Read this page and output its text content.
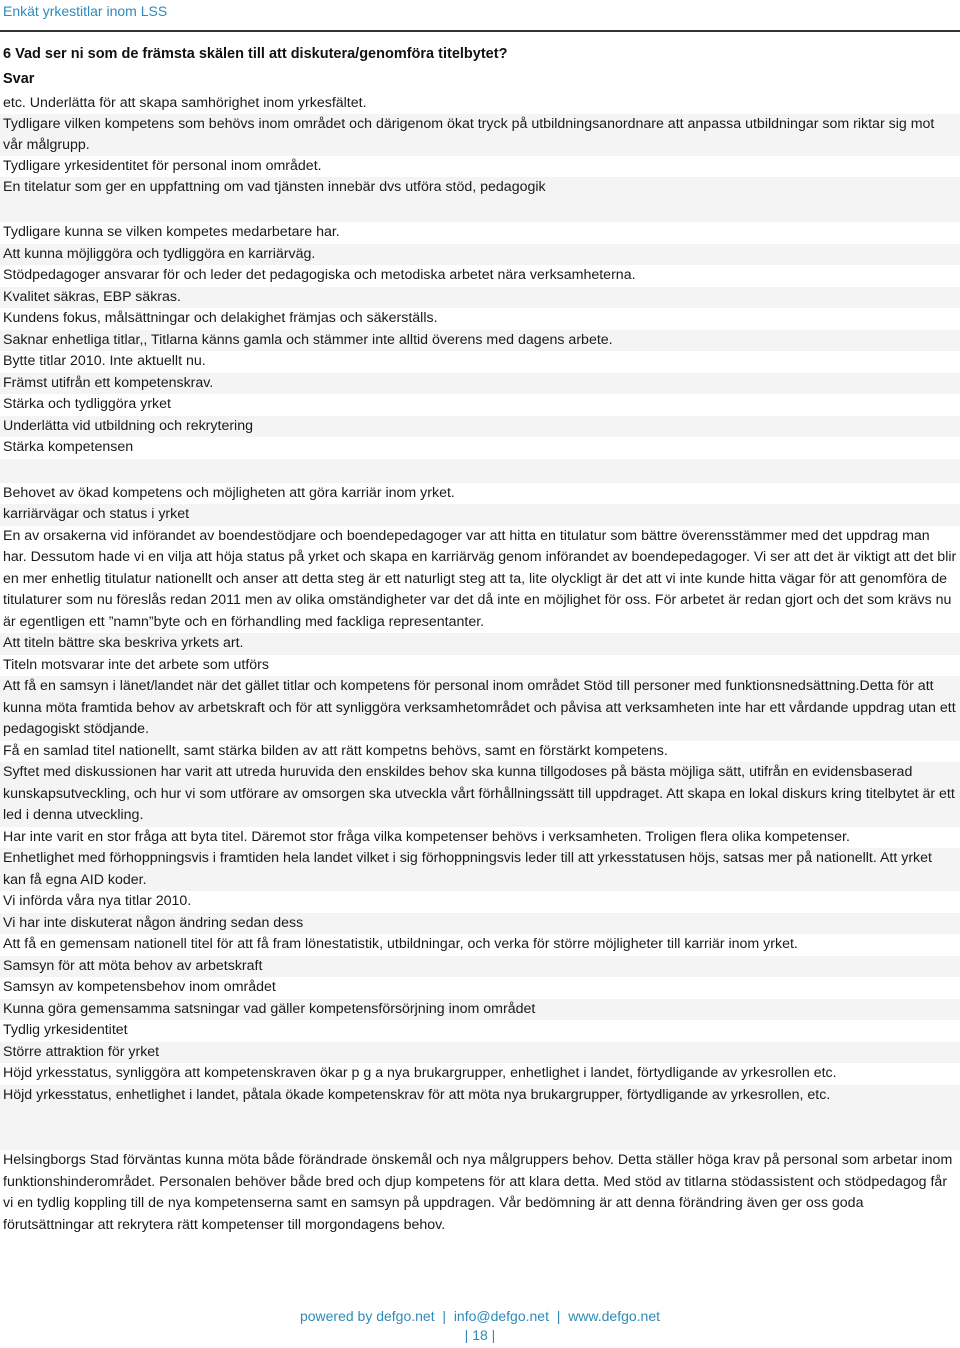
Enkät yrkestitlar inom LSS
6 Vad ser ni som de främsta skälen till att diskutera/genomföra titelbytet?
Svar
etc. Underlätta för att skapa samhörighet inom yrkesfältet.
Tydligare vilken kompetens som behövs inom området och därigenom ökat tryck på utbildningsanordnare att anpassa utbildningar som riktar sig mot vår målgrupp.
Tydligare yrkesidentitet för personal inom området.
En titelatur som ger en uppfattning om vad tjänsten innebär dvs utföra stöd, pedagogik
Tydligare kunna se vilken kompetes medarbetare har.
Att kunna möjliggöra och tydliggöra en karriärväg.
Stödpedagoger ansvarar för och leder det pedagogiska och metodiska arbetet nära verksamheterna.
Kvalitet säkras, EBP säkras.
Kundens fokus, målsättningar och delakighet främjas och säkerställs.
Saknar enhetliga titlar,, Titlarna känns gamla och stämmer inte alltid överens med dagens arbete.
Bytte titlar 2010. Inte aktuellt nu.
Främst utifrån ett kompetenskrav.
Stärka och tydliggöra yrket
Underlätta vid utbildning och rekrytering
Stärka kompetensen
Behovet av ökad kompetens och möjligheten att göra karriär inom yrket.
karriärvägar och status i yrket
En av orsakerna vid införandet av boendestödjare och boendepedagoger var att hitta en titulatur som bättre överensstämmer med det uppdrag man har. Dessutom hade vi en vilja att höja status på yrket och skapa en karriärväg genom införandet av boendepedagoger. Vi ser att det är viktigt att det blir en mer enhetlig titulatur nationellt och anser att detta steg är ett naturligt steg att ta, lite olyckligt är det att vi inte kunde hitta vägar för att genomföra de titulaturer som nu föreslås redan 2011 men av olika omständigheter var det då inte en möjlighet för oss. För arbetet är redan gjort och det som krävs nu är egentligen ett ”namn”byte och en förhandling med fackliga representanter.
Att titeln bättre ska beskriva yrkets art.
Titeln motsvarar inte det arbete som utförs
Att få en samsyn i länet/landet när det gället titlar och kompetens för personal inom området Stöd till personer med funktionsnedsättning.Detta för att kunna möta framtida behov av arbetskraft och för att synliggöra verksamhetområdet och påvisa att verksamheten inte har ett vårdande uppdrag utan ett pedagogiskt stödjande.
Få en samlad titel nationellt, samt stärka bilden av att rätt kompetns behövs, samt en förstärkt kompetens.
Syftet med diskussionen har varit att utreda huruvida den enskildes behov ska kunna tillgodoses på bästa möjliga sätt, utifrån en evidensbaserad kunskapsutveckling, och hur vi som utförare av omsorgen ska utveckla vårt förhållningssätt till uppdraget. Att skapa en lokal diskurs kring titelbytet är ett led i denna utveckling.
Har inte varit en stor fråga att byta titel. Däremot stor fråga vilka kompetenser behövs i verksamheten. Troligen flera olika kompetenser.
Enhetlighet med förhoppningsvis i framtiden hela landet vilket i sig förhoppningsvis leder till att yrkesstatusen höjs, satsas mer på nationellt. Att yrket kan få egna AID koder.
Vi införda våra nya titlar 2010.
Vi har inte diskuterat någon ändring sedan dess
Att få en gemensam nationell titel för att få fram lönestatistik, utbildningar, och verka för större möjligheter till karriär inom yrket.
Samsyn för att möta behov av arbetskraft
Samsyn av kompetensbehov inom området
Kunna göra gemensamma satsningar vad gäller kompetensförsörjning inom området
Tydlig yrkesidentitet
Större attraktion för yrket
Höjd yrkesstatus, synliggöra att kompetenskraven ökar p g a nya brukargrupper, enhetlighet i landet, förtydligande av yrkesrollen etc.
Höjd yrkesstatus, enhetlighet i landet, påtala ökade kompetenskrav för att möta nya brukargrupper, förtydligande av yrkesrollen, etc.
Helsingborgs Stad förväntas kunna möta både förändrade önskemål och nya målgruppers behov. Detta ställer höga krav på personal som arbetar inom funktionshinderområdet. Personalen behöver både bred och djup kompetens för att klara detta. Med stöd av titlarna stödassistent och stödpedagog får vi en tydlig koppling till de nya kompetenserna samt en samsyn på uppdragen. Vår bedömning är att denna förändring även ger oss goda förutsättningar att rekrytera rätt kompetenser till morgondagens behov.
powered by defgo.net  |  info@defgo.net  |  www.defgo.net
| 18 |
